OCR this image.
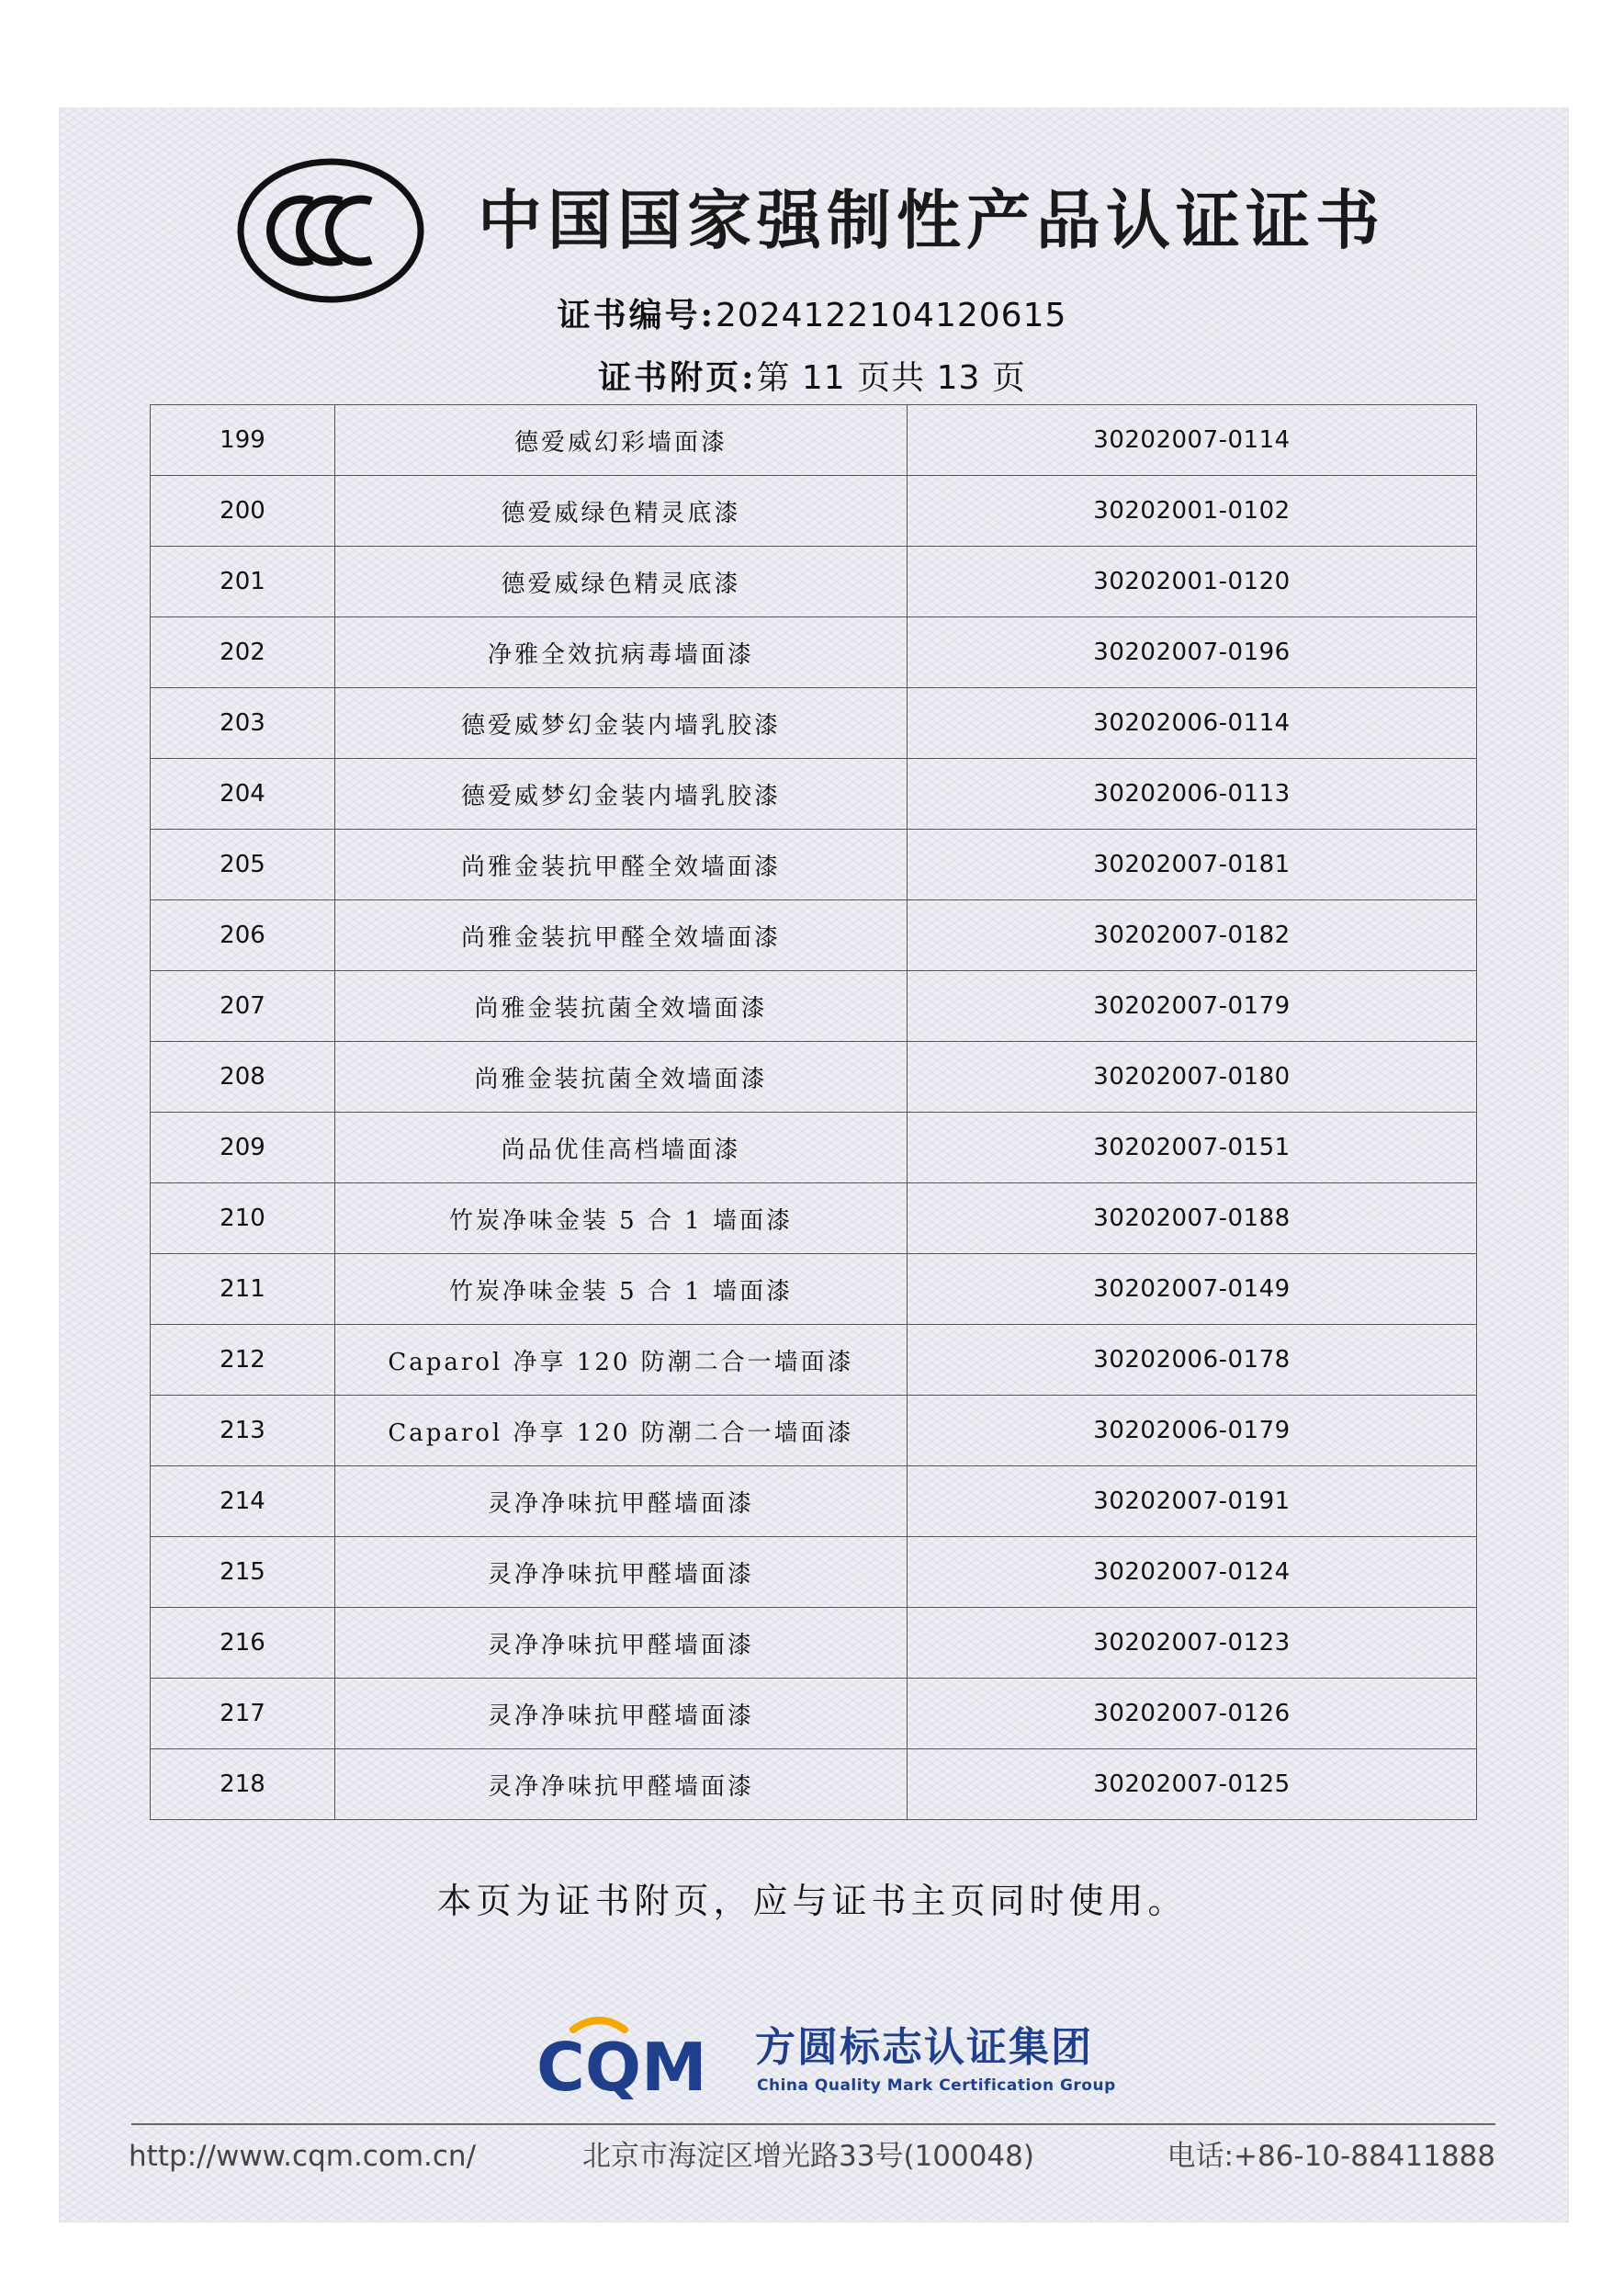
CCC
中国国家强制性产品认证证书
证书编号:2024122104120615
证书附页:第 11 页共 13 页
199	德爱威幻彩墙面漆	30202007-0114
200	德爱威绿色精灵底漆	30202001-0102
201	德爱威绿色精灵底漆	30202001-0120
202	净雅全效抗病毒墙面漆	30202007-0196
203	德爱威梦幻金装内墙乳胶漆	30202006-0114
204	德爱威梦幻金装内墙乳胶漆	30202006-0113
205	尚雅金装抗甲醛全效墙面漆	30202007-0181
206	尚雅金装抗甲醛全效墙面漆	30202007-0182
207	尚雅金装抗菌全效墙面漆	30202007-0179
208	尚雅金装抗菌全效墙面漆	30202007-0180
209	尚品优佳高档墙面漆	30202007-0151
210	竹炭净味金装 5 合 1 墙面漆	30202007-0188
211	竹炭净味金装 5 合 1 墙面漆	30202007-0149
212	Caparol 净享 120 防潮二合一墙面漆	30202006-0178
213	Caparol 净享 120 防潮二合一墙面漆	30202006-0179
214	灵净净味抗甲醛墙面漆	30202007-0191
215	灵净净味抗甲醛墙面漆	30202007-0124
216	灵净净味抗甲醛墙面漆	30202007-0123
217	灵净净味抗甲醛墙面漆	30202007-0126
218	灵净净味抗甲醛墙面漆	30202007-0125
本页为证书附页，应与证书主页同时使用。
CQM 方圆标志认证集团
China Quality Mark Certification Group
http://www.cqm.com.cn/	北京市海淀区增光路33号(100048)	电话:+86-10-88411888
